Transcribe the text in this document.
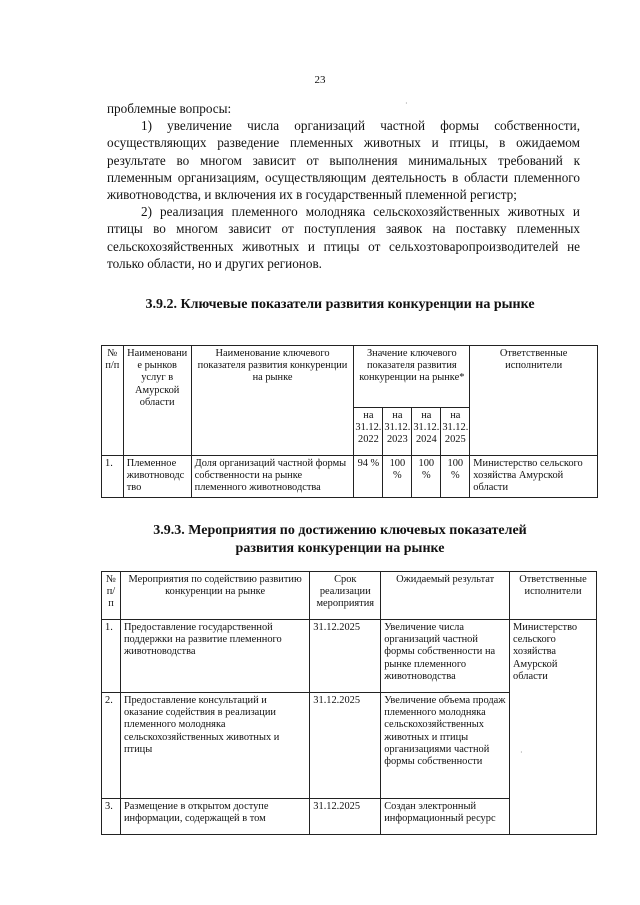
23
·
·

проблемные вопросы:

1) увеличение числа организаций частной формы собственности, осуществляющих разведение племенных животных и птицы, в ожидаемом результате во многом зависит от выполнения минимальных требований к племенным организациям, осуществляющим деятельность в области племенного животноводства, и включения их в государственный племенной регистр;

2) реализация племенного молодняка сельскохозяйственных животных и птицы во многом зависит от поступления заявок на поставку племенных сельскохозяйственных животных и птицы от сельхозтоваропроизводителей не только области, но и других регионов.

3.9.2. Ключевые показатели развития конкуренции на рынке
№ п/п	Наименовани е рынков услуг в Амурской области	Наименование ключевого показателя развития конкуренции на рынке	Значение ключевого показателя развития конкуренции на рынке*				Ответственные исполнители
			на 31.12. 2022	на 31.12. 2023	на 31.12. 2024	на 31.12. 2025	
1.	Племенное животноводс тво	Доля организаций частной формы собственности на рынке племенного животноводства	94 %	100 %	100 %	100 %	Министерство сельского хозяйства Амурской области
3.9.3. Мероприятия по достижению ключевых показателей
развития конкуренции на рынке
№ п/п	Мероприятия по содействию развитию конкуренции на рынке	Срок реализации мероприятия	Ожидаемый результат	Ответственные исполнители
1.	Предоставление государственной поддержки на развитие племенного животноводства	31.12.2025	Увеличение числа организаций частной формы собственности на рынке племенного животноводства	Министерство сельского хозяйства Амурской области
2.	Предоставление консультаций и оказание содействия в реализации племенного молодняка сельскохозяйственных животных и птицы	31.12.2025	Увеличение объема продаж племенного молодняка сельскохозяйственных животных и птицы организациями частной формы собственности	
3.	Размещение в открытом доступе информации, содержащей в том	31.12.2025	Создан электронный информационный ресурс	
